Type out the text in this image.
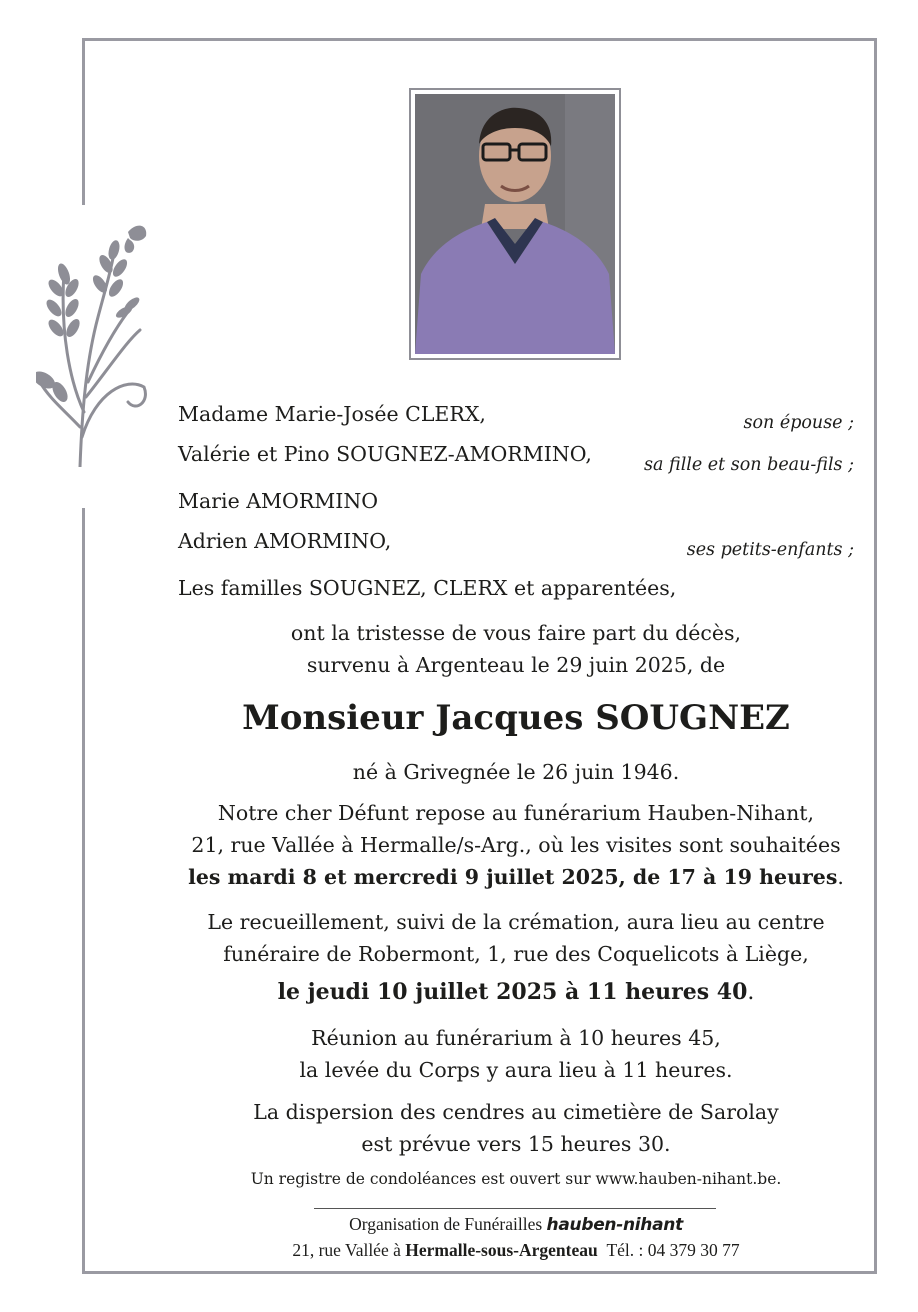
Madame Marie-Josée CLERX,	son épouse ;
Valérie et Pino SOUGNEZ-AMORMINO,	sa fille et son beau-fils ;
Marie AMORMINO
Adrien AMORMINO,	ses petits-enfants ;
Les familles SOUGNEZ, CLERX et apparentées,
ont la tristesse de vous faire part du décès,
survenu à Argenteau le 29 juin 2025, de
Monsieur Jacques SOUGNEZ
né à Grivegnée le 26 juin 1946.
Notre cher Défunt repose au funérarium Hauben-Nihant,
21, rue Vallée à Hermalle/s-Arg., où les visites sont souhaitées
les mardi 8 et mercredi 9 juillet 2025, de 17 à 19 heures.
Le recueillement, suivi de la crémation, aura lieu au centre
funéraire de Robermont, 1, rue des Coquelicots à Liège,
le jeudi 10 juillet 2025 à 11 heures 40.
Réunion au funérarium à 10 heures 45,
la levée du Corps y aura lieu à 11 heures.
La dispersion des cendres au cimetière de Sarolay
est prévue vers 15 heures 30.
Un registre de condoléances est ouvert sur www.hauben-nihant.be.
Organisation de Funérailles hauben-nihant
21, rue Vallée à Hermalle-sous-Argenteau Tél. : 04 379 30 77
